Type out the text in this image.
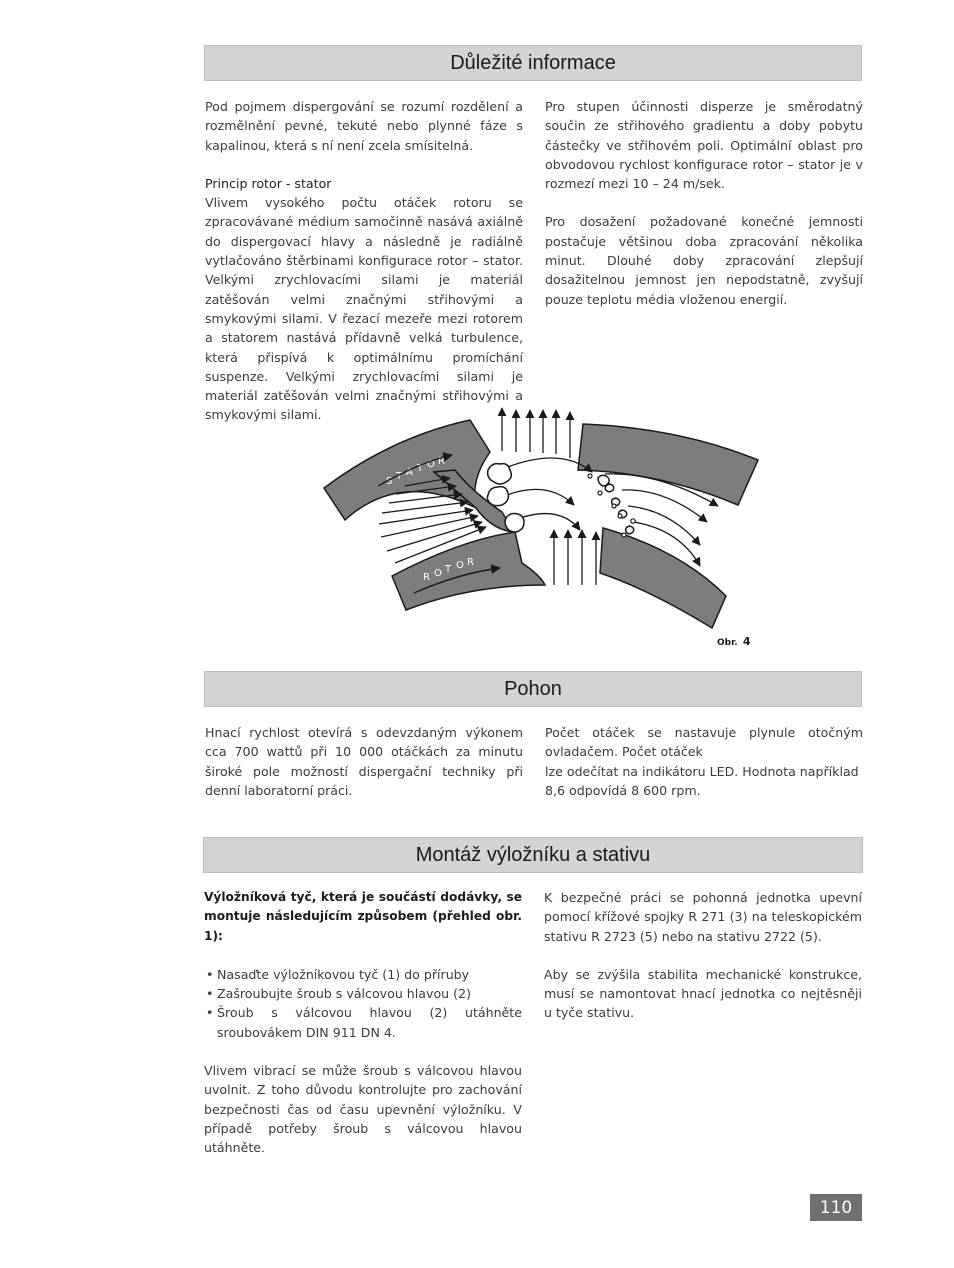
Důležité informace

Pod pojmem dispergování se rozumí rozdělení a rozmělnění pevné, tekuté nebo plynné fáze s kapalinou, která s ní není zcela smísitelná.

Princip rotor - stator

Vlivem vysokého počtu otáček rotoru se zpracovávané médium samočinně nasává axiálně do dispergovací hlavy a následně je radiálně vytlačováno štěrbinami konfigurace rotor – stator. Velkými zrychlovacími silami je materiál zatěšován velmi značnými střihovými a smykovými silami. V řezací mezeře mezi rotorem a statorem nastává přídavně velká turbulence, která přispívá k optimálnímu promíchání suspenze. Velkými zrychlovacími silami je materiál zatěšován velmi značnými střihovými a smykovými silami.

Pro stupen účinnosti disperze je směrodatný součin ze střihového gradientu a doby pobytu částečky ve střihovém poli. Optimální oblast pro obvodovou rychlost konfigurace rotor – stator je v rozmezí mezi 10 – 24 m/sek.

Pro dosažení požadované konečné jemnosti postačuje většinou doba zpracování několika minut. Dlouhé doby zpracování zlepšují dosažitelnou jemnost jen nepodstatně, zvyšují pouze teplotu média vloženou energií.

S T A T O R
R O T O R
Obr. 4
Pohon

Hnací rychlost otevírá s odevzdaným výkonem cca 700 wattů při 10 000 otáčkách za minutu široké pole možností dispergační techniky při denní laboratorní práci.

Počet otáček se nastavuje plynule otočným ovladačem. Počet otáček

lze odečítat na indikátoru LED. Hodnota například 8,6 odpovídá 8 600 rpm.

Montáž výložníku a stativu

Výložníková tyč, která je součástí dodávky, se montuje následujícím způsobem (přehled obr. 1):

• Nasaďte výložníkovou tyč (1) do příruby
• Zašroubujte šroub s válcovou hlavou (2)
• Šroub s válcovou hlavou (2) utáhněte sroubovákem DIN 911 DN 4.

Vlivem vibrací se může šroub s válcovou hlavou uvolnit. Z toho důvodu kontrolujte pro zachování bezpečnosti čas od času upevnění výložníku. V případě potřeby šroub s válcovou hlavou utáhněte.

K bezpečné práci se pohonná jednotka upevní pomocí křížové spojky R 271 (3) na teleskopickém stativu R 2723 (5) nebo na stativu 2722 (5).

Aby se zvýšila stabilita mechanické konstrukce, musí se namontovat hnací jednotka co nejtěsněji u tyče stativu.

110
